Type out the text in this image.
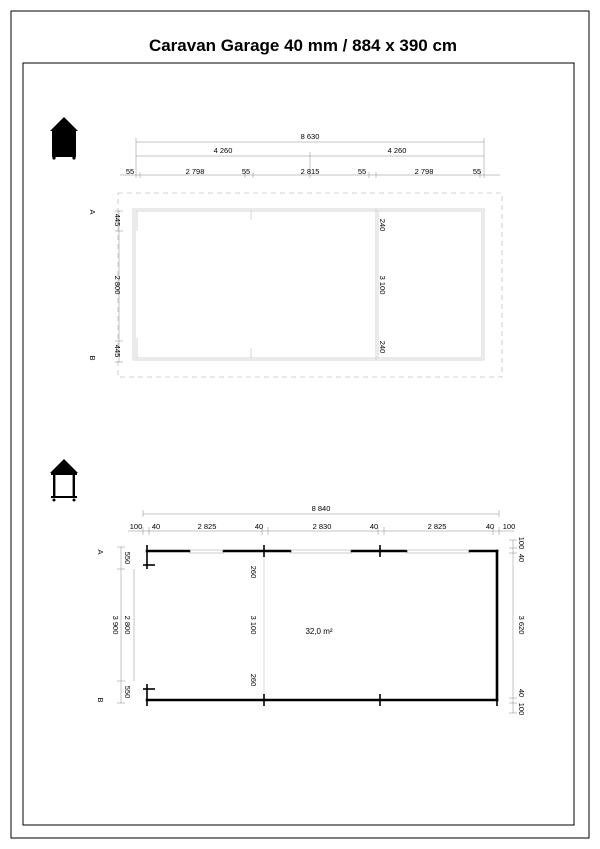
Caravan Garage 40 mm / 884 x 390 cm
8 630
4 260	4 260
55	2 798	55	2 815	55	2 798	55
445
2 800
445
A
B
240
3 100
240
8 840
100 40	2 825	40	2 830	40	2 825	40 100
550
3 900 2 800
550
A
B
260
3 100
260
32,0 m²
100
40
3 620
40
100
